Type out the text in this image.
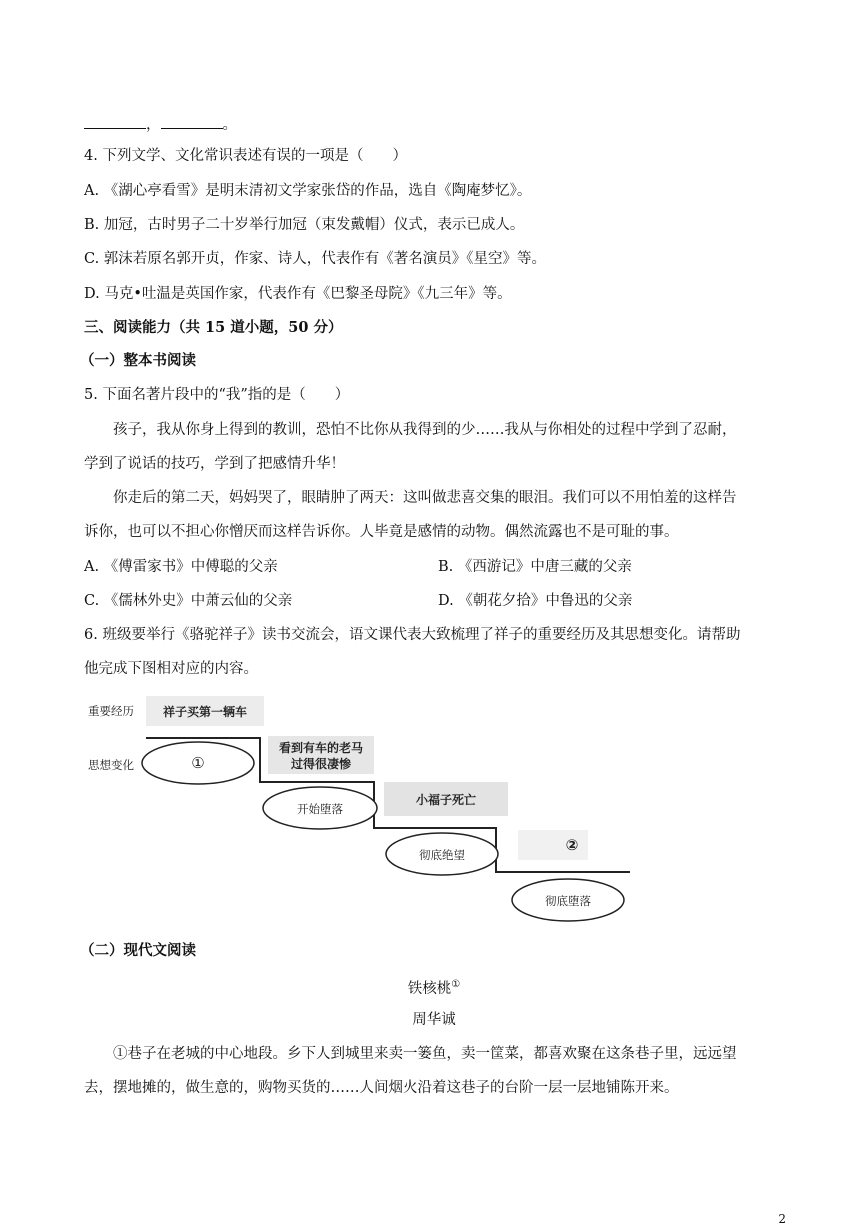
，	。
4. 下列文学、文化常识表述有误的一项是（　　）
A. 《湖心亭看雪》是明末清初文学家张岱的作品，选自《陶庵梦忆》。
B. 加冠，古时男子二十岁举行加冠（束发戴帽）仪式，表示已成人。
C. 郭沫若原名郭开贞，作家、诗人，代表作有《著名演员》《星空》等。
D. 马克•吐温是英国作家，代表作有《巴黎圣母院》《九三年》等。
三、阅读能力（共 15 道小题，50 分）
（一）整本书阅读
5. 下面名著片段中的“我”指的是（　　）
孩子，我从你身上得到的教训，恐怕不比你从我得到的少……我从与你相处的过程中学到了忍耐，
学到了说话的技巧，学到了把感情升华！
你走后的第二天，妈妈哭了，眼睛肿了两天：这叫做悲喜交集的眼泪。我们可以不用怕羞的这样告
诉你，也可以不担心你憎厌而这样告诉你。人毕竟是感情的动物。偶然流露也不是可耻的事。
A. 《傅雷家书》中傅聪的父亲	B. 《西游记》中唐三藏的父亲
C. 《儒林外史》中萧云仙的父亲	D. 《朝花夕拾》中鲁迅的父亲
6. 班级要举行《骆驼祥子》读书交流会，语文课代表大致梳理了祥子的重要经历及其思想变化。请帮助
他完成下图相对应的内容。
重要经历
思想变化
祥子买第一辆车
看到有车的老马
过得很凄惨
小福子死亡
②
①
开始堕落
彻底绝望
彻底堕落
（二）现代文阅读
铁核桃①
周华诚
①巷子在老城的中心地段。乡下人到城里来卖一篓鱼，卖一筐菜，都喜欢聚在这条巷子里，远远望
去，摆地摊的，做生意的，购物买货的……人间烟火沿着这巷子的台阶一层一层地铺陈开来。
2
